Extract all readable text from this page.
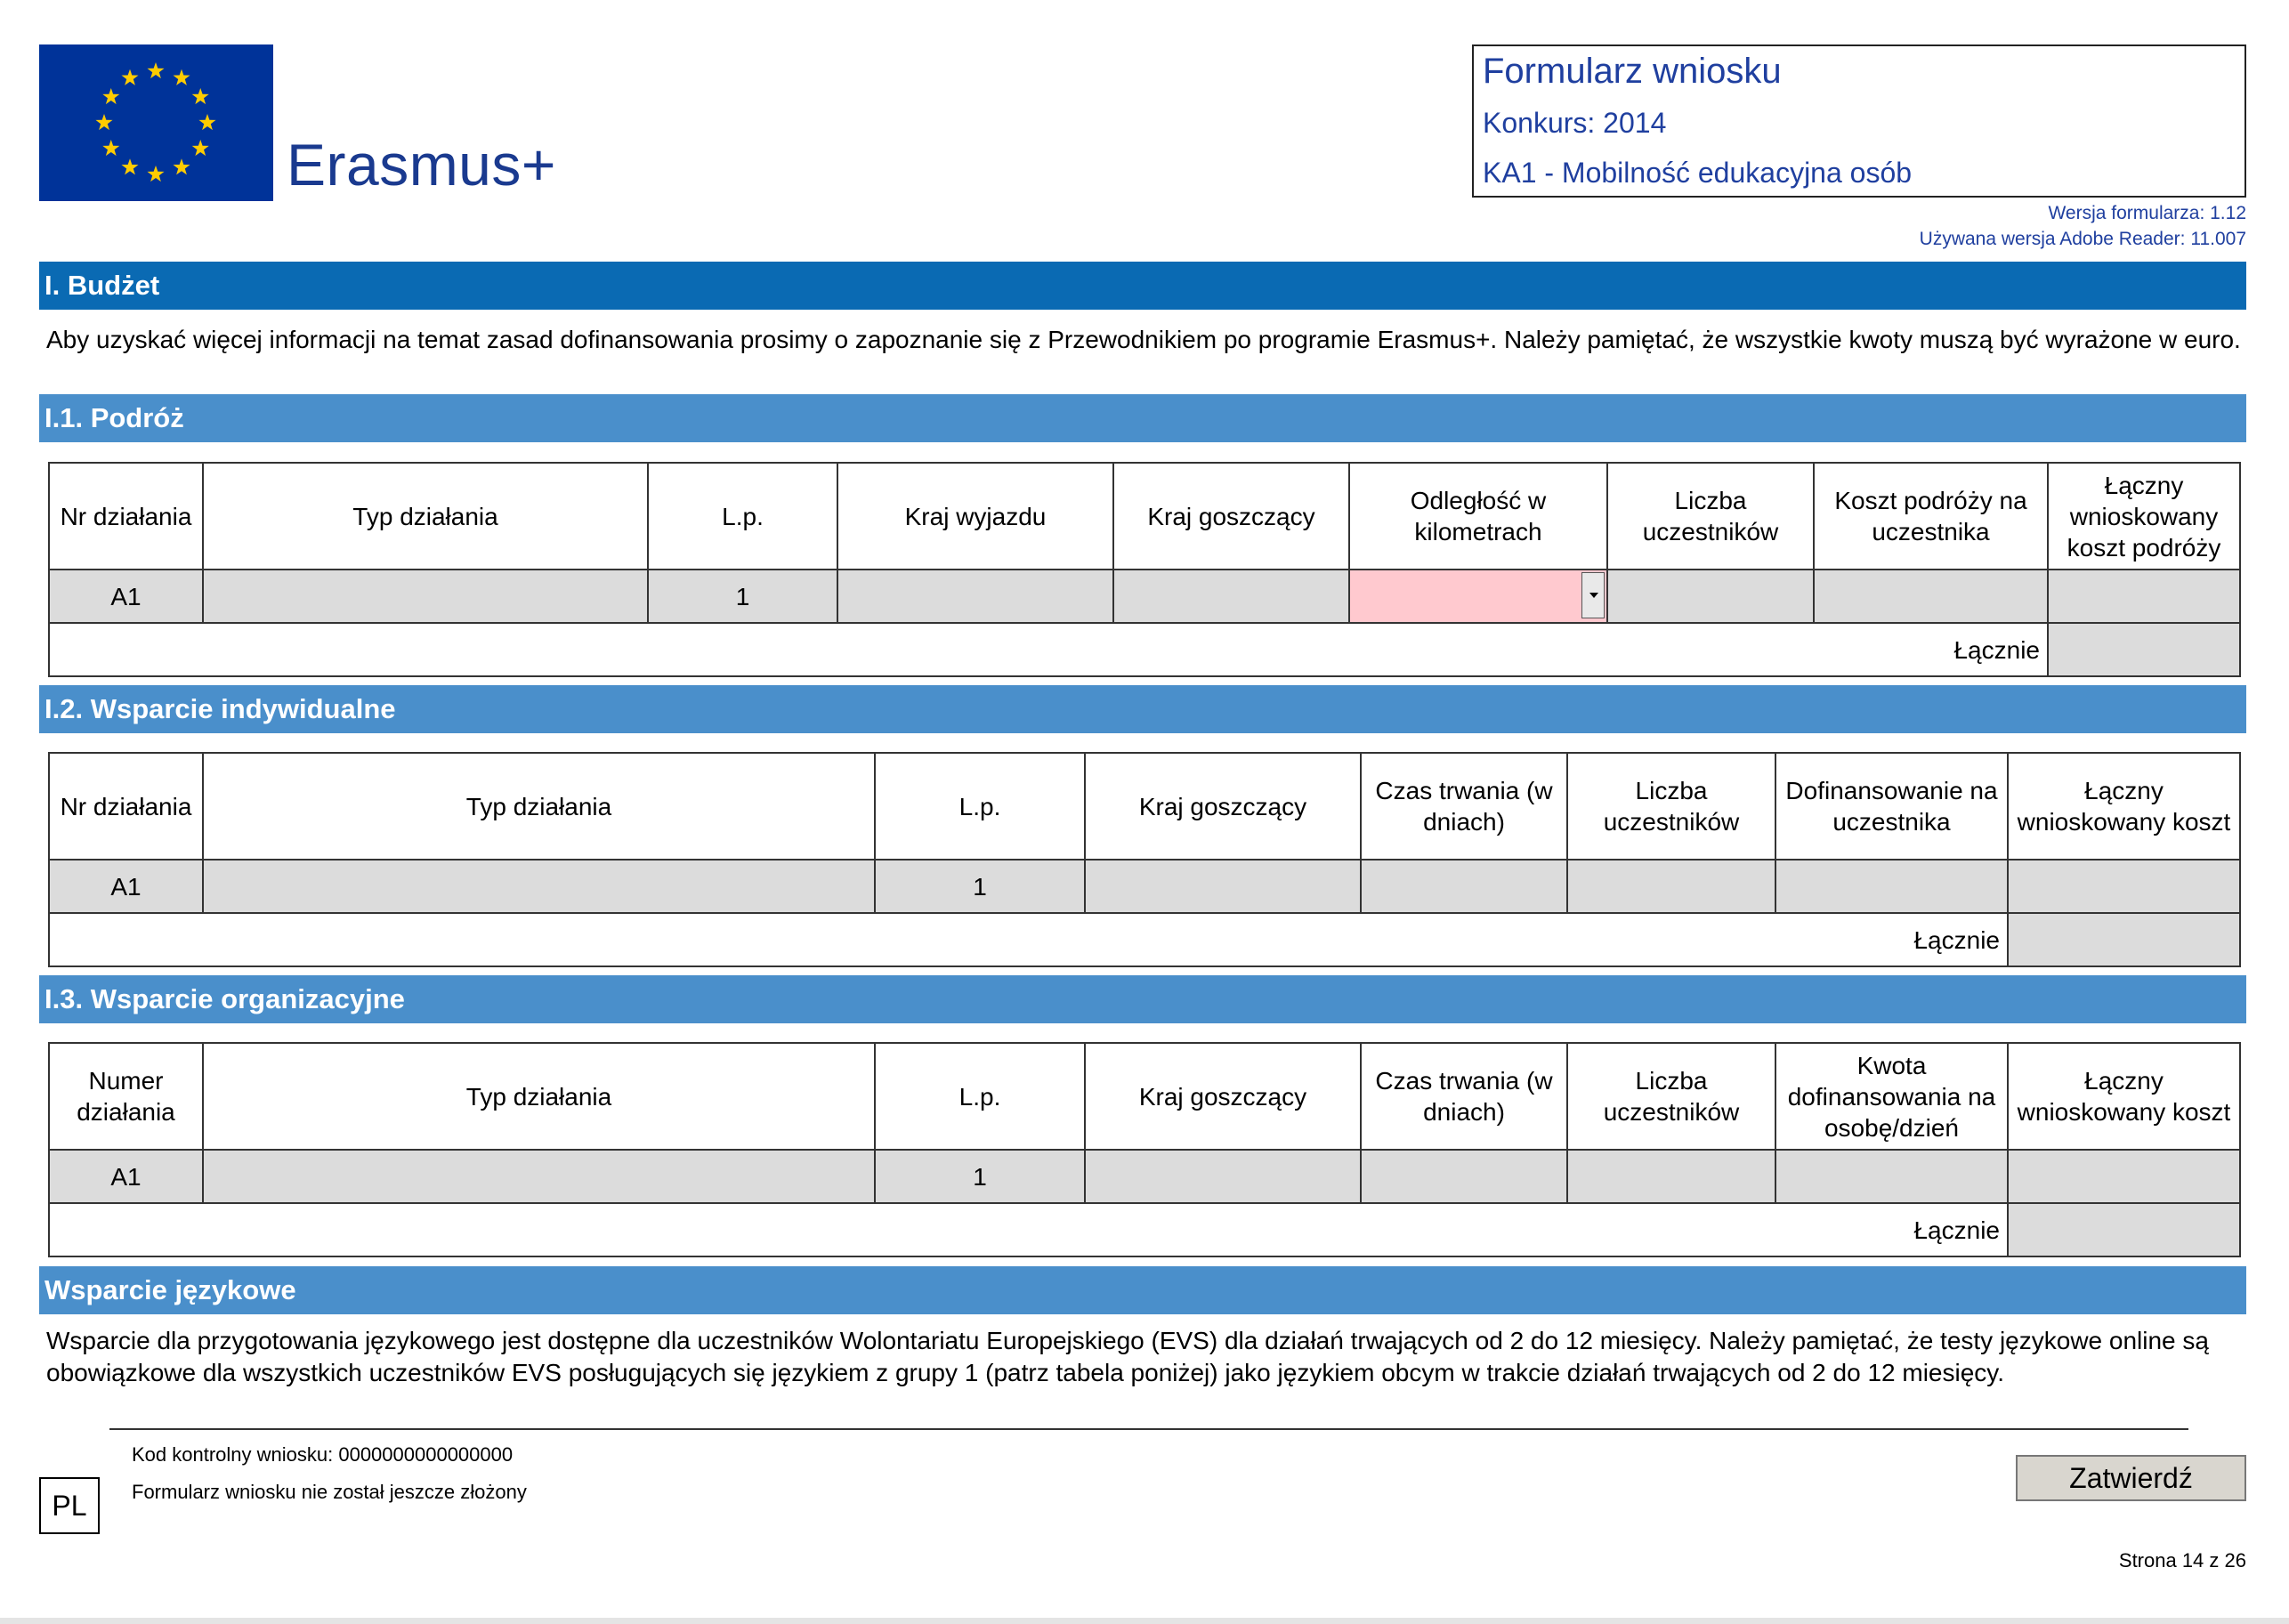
Erasmus+
Formularz wniosku
Konkurs: 2014
KA1 - Mobilność edukacyjna osób
Wersja formularza: 1.12
Używana wersja Adobe Reader: 11.007
I. Budżet
Aby uzyskać więcej informacji na temat zasad dofinansowania prosimy o zapoznanie się z Przewodnikiem po programie Erasmus+. Należy pamiętać, że wszystkie kwoty muszą być wyrażone w euro.
I.1. Podróż
Nr działania	Typ działania	L.p.	Kraj wyjazdu	Kraj goszczący	Odległość w kilometrach	Liczba uczestników	Koszt podróży na uczestnika	Łączny wnioskowany koszt podróży
A1		1			

Łącznie								
I.2. Wsparcie indywidualne
Nr działania	Typ działania	L.p.	Kraj goszczący	Czas trwania (w dniach)	Liczba uczestników	Dofinansowanie na uczestnika	Łączny wnioskowany koszt
A1		1					
Łącznie							
I.3. Wsparcie organizacyjne
Numer działania	Typ działania	L.p.	Kraj goszczący	Czas trwania (w dniach)	Liczba uczestników	Kwota dofinansowania na osobę/dzień	Łączny wnioskowany koszt
A1		1					
Łącznie							
Wsparcie językowe
Wsparcie dla przygotowania językowego jest dostępne dla uczestników Wolontariatu Europejskiego (EVS) dla działań trwających od 2 do 12 miesięcy. Należy pamiętać, że testy językowe online są obowiązkowe dla wszystkich uczestników EVS posługujących się językiem z grupy 1 (patrz tabela poniżej) jako językiem obcym w trakcie działań trwających od 2 do 12 miesięcy.
Kod kontrolny wniosku: 0000000000000000
Formularz wniosku nie został jeszcze złożony
PL
Zatwierdź
Strona 14 z 26
